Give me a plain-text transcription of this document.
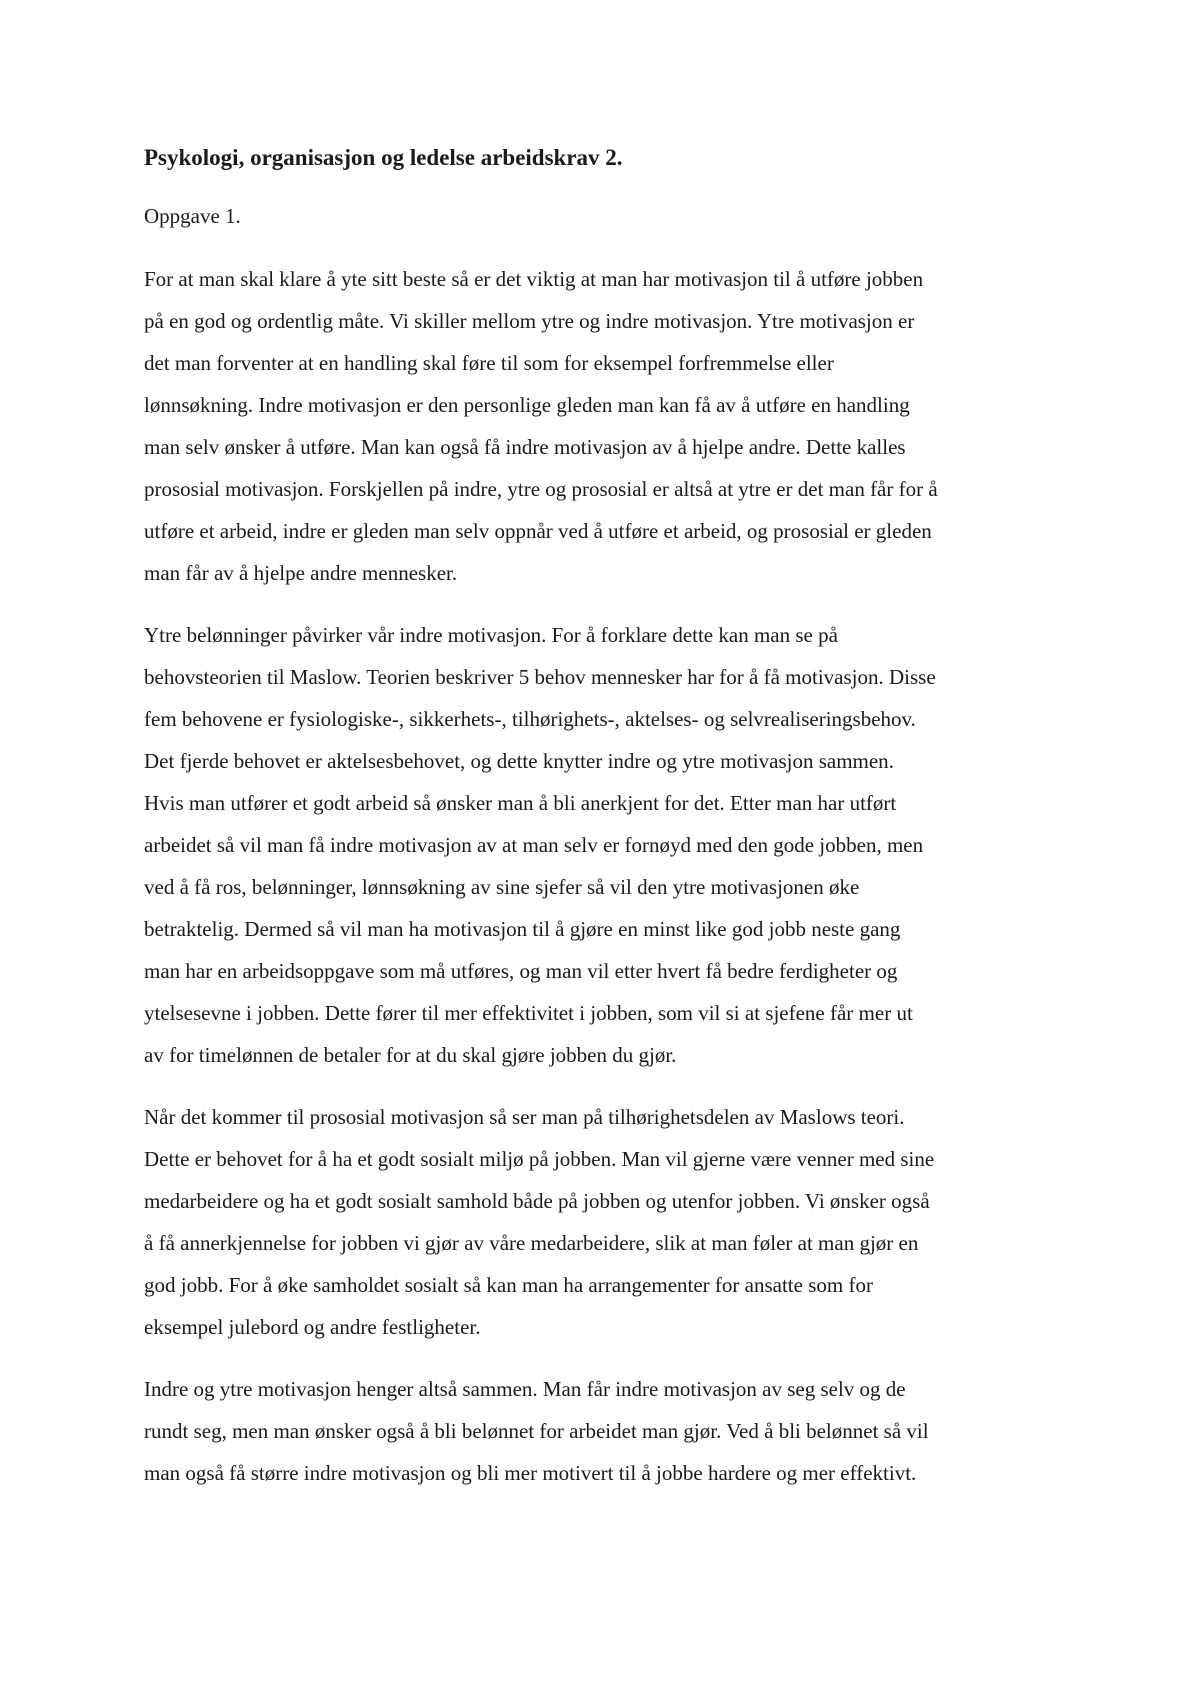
Psykologi, organisasjon og ledelse arbeidskrav 2.

Oppgave 1.

For at man skal klare å yte sitt beste så er det viktig at man har motivasjon til å utføre jobben
på en god og ordentlig måte. Vi skiller mellom ytre og indre motivasjon. Ytre motivasjon er
det man forventer at en handling skal føre til som for eksempel forfremmelse eller
lønnsøkning. Indre motivasjon er den personlige gleden man kan få av å utføre en handling
man selv ønsker å utføre. Man kan også få indre motivasjon av å hjelpe andre. Dette kalles
prososial motivasjon. Forskjellen på indre, ytre og prososial er altså at ytre er det man får for å
utføre et arbeid, indre er gleden man selv oppnår ved å utføre et arbeid, og prososial er gleden
man får av å hjelpe andre mennesker.

Ytre belønninger påvirker vår indre motivasjon. For å forklare dette kan man se på
behovsteorien til Maslow. Teorien beskriver 5 behov mennesker har for å få motivasjon. Disse
fem behovene er fysiologiske-, sikkerhets-, tilhørighets-, aktelses- og selvrealiseringsbehov.
Det fjerde behovet er aktelsesbehovet, og dette knytter indre og ytre motivasjon sammen.
Hvis man utfører et godt arbeid så ønsker man å bli anerkjent for det. Etter man har utført
arbeidet så vil man få indre motivasjon av at man selv er fornøyd med den gode jobben, men
ved å få ros, belønninger, lønnsøkning av sine sjefer så vil den ytre motivasjonen øke
betraktelig. Dermed så vil man ha motivasjon til å gjøre en minst like god jobb neste gang
man har en arbeidsoppgave som må utføres, og man vil etter hvert få bedre ferdigheter og
ytelsesevne i jobben. Dette fører til mer effektivitet i jobben, som vil si at sjefene får mer ut
av for timelønnen de betaler for at du skal gjøre jobben du gjør.

Når det kommer til prososial motivasjon så ser man på tilhørighetsdelen av Maslows teori.
Dette er behovet for å ha et godt sosialt miljø på jobben. Man vil gjerne være venner med sine
medarbeidere og ha et godt sosialt samhold både på jobben og utenfor jobben. Vi ønsker også
å få annerkjennelse for jobben vi gjør av våre medarbeidere, slik at man føler at man gjør en
god jobb. For å øke samholdet sosialt så kan man ha arrangementer for ansatte som for
eksempel julebord og andre festligheter.

Indre og ytre motivasjon henger altså sammen. Man får indre motivasjon av seg selv og de
rundt seg, men man ønsker også å bli belønnet for arbeidet man gjør. Ved å bli belønnet så vil
man også få større indre motivasjon og bli mer motivert til å jobbe hardere og mer effektivt.
